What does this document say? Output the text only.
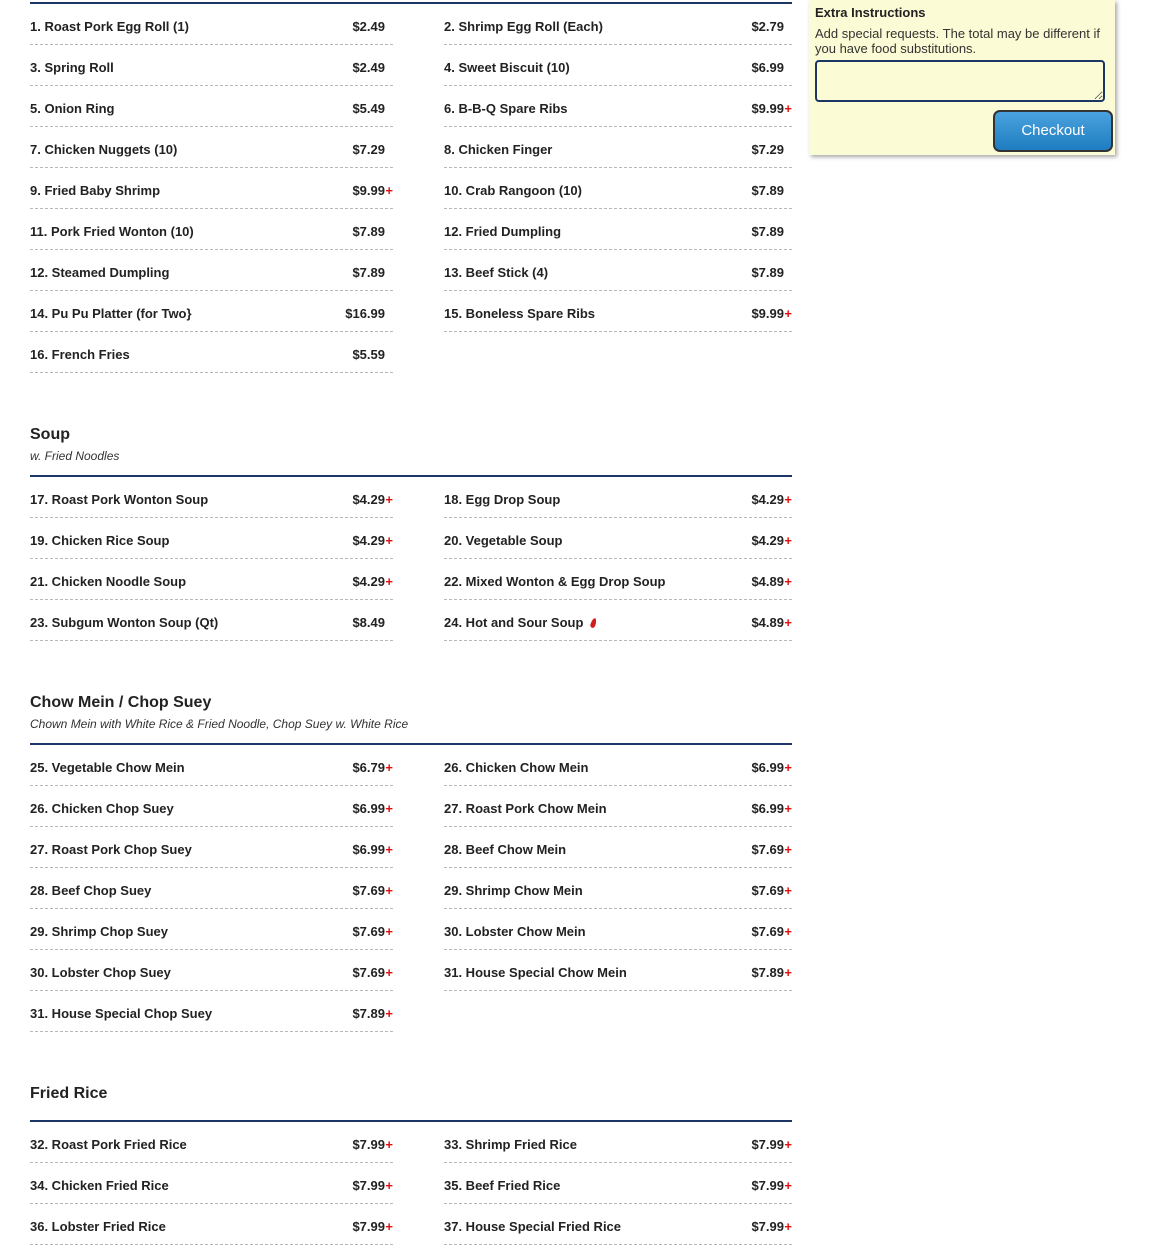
1. Roast Pork Egg Roll (1)	$2.49
3. Spring Roll	$2.49
5. Onion Ring	$5.49
7. Chicken Nuggets (10)	$7.29
9. Fried Baby Shrimp	$9.99 +
11. Pork Fried Wonton (10)	$7.89
12. Steamed Dumpling	$7.89
14. Pu Pu Platter (for Two}	$16.99
16. French Fries	$5.59
2. Shrimp Egg Roll (Each)	$2.79
4. Sweet Biscuit (10)	$6.99
6. B-B-Q Spare Ribs	$9.99 +
8. Chicken Finger	$7.29
10. Crab Rangoon (10)	$7.89
12. Fried Dumpling	$7.89
13. Beef Stick (4)	$7.89
15. Boneless Spare Ribs	$9.99 +
Soup
w. Fried Noodles
17. Roast Pork Wonton Soup	$4.29 +
19. Chicken Rice Soup	$4.29 +
21. Chicken Noodle Soup	$4.29 +
23. Subgum Wonton Soup (Qt)	$8.49
18. Egg Drop Soup	$4.29 +
20. Vegetable Soup	$4.29 +
22. Mixed Wonton & Egg Drop Soup	$4.89 +
24. Hot and Sour Soup	$4.89 +
Chow Mein / Chop Suey
Chown Mein with White Rice & Fried Noodle, Chop Suey w. White Rice
25. Vegetable Chow Mein	$6.79 +
26. Chicken Chop Suey	$6.99 +
27. Roast Pork Chop Suey	$6.99 +
28. Beef Chop Suey	$7.69 +
29. Shrimp Chop Suey	$7.69 +
30. Lobster Chop Suey	$7.69 +
31. House Special Chop Suey	$7.89 +
26. Chicken Chow Mein	$6.99 +
27. Roast Pork Chow Mein	$6.99 +
28. Beef Chow Mein	$7.69 +
29. Shrimp Chow Mein	$7.69 +
30. Lobster Chow Mein	$7.69 +
31. House Special Chow Mein	$7.89 +
Fried Rice
32. Roast Pork Fried Rice	$7.99 +
34. Chicken Fried Rice	$7.99 +
36. Lobster Fried Rice	$7.99 +
33. Shrimp Fried Rice	$7.99 +
35. Beef Fried Rice	$7.99 +
37. House Special Fried Rice	$7.99 +
Extra Instructions
Add special requests. The total may be different if you have food substitutions.
Checkout
